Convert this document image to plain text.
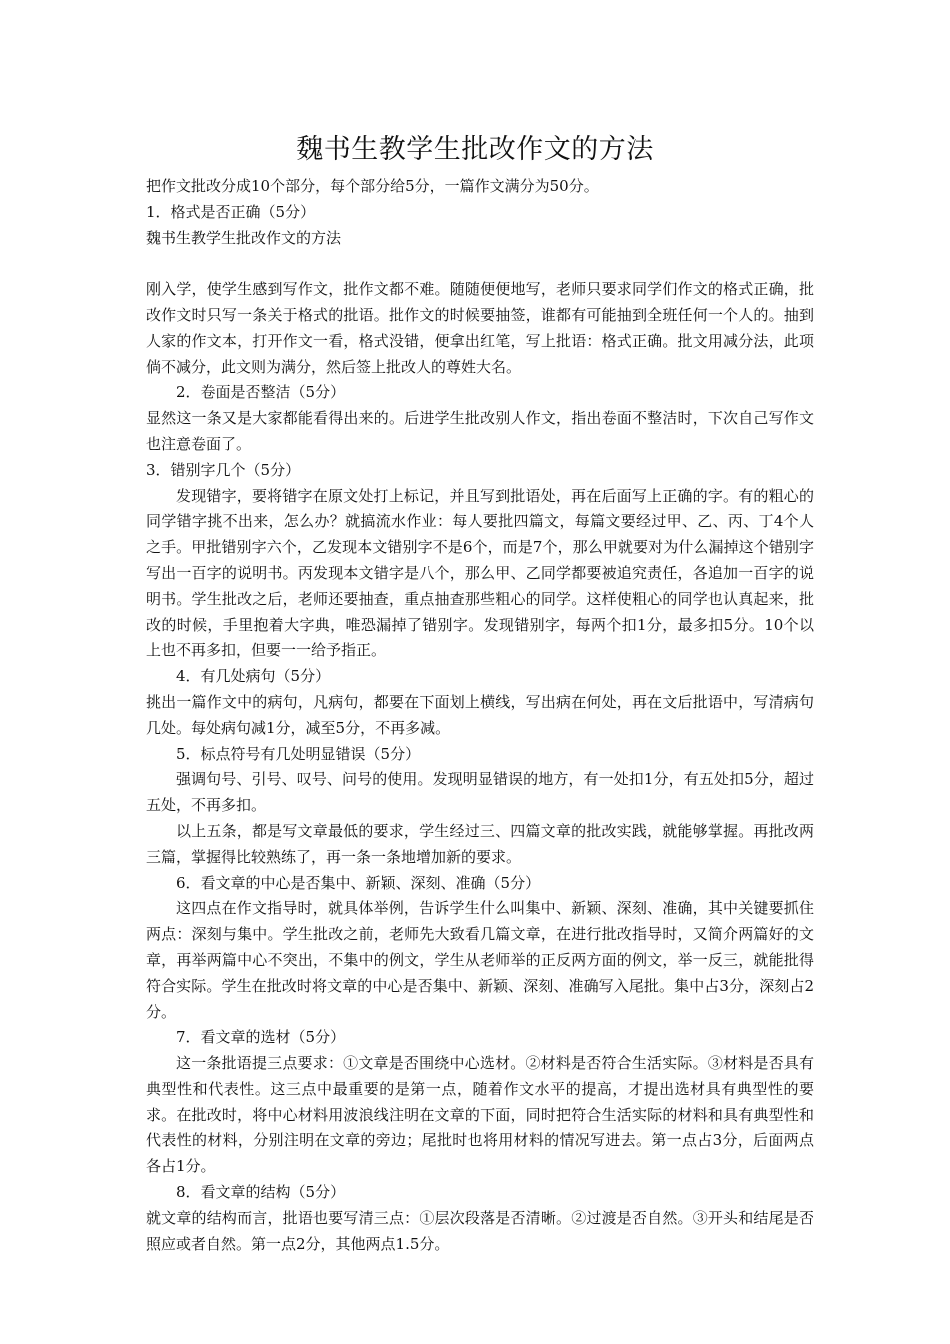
魏书生教学生批改作文的方法

把作文批改分成10个部分，每个部分给5分，一篇作文满分为50分。

1．格式是否正确（5分）

魏书生教学生批改作文的方法

刚入学，使学生感到写作文，批作文都不难。随随便便地写，老师只要求同学们作文的格式正确，批改作文时只写一条关于格式的批语。批作文的时候要抽签，谁都有可能抽到全班任何一个人的。抽到人家的作文本，打开作文一看，格式没错，便拿出红笔，写上批语：格式正确。批文用减分法，此项倘不减分，此文则为满分，然后签上批改人的尊姓大名。

2．卷面是否整洁（5分）

显然这一条又是大家都能看得出来的。后进学生批改别人作文，指出卷面不整洁时，下次自己写作文也注意卷面了。

3．错别字几个（5分）

发现错字，要将错字在原文处打上标记，并且写到批语处，再在后面写上正确的字。有的粗心的同学错字挑不出来，怎么办？就搞流水作业：每人要批四篇文，每篇文要经过甲、乙、丙、丁4个人之手。甲批错别字六个，乙发现本文错别字不是6个，而是7个，那么甲就要对为什么漏掉这个错别字写出一百字的说明书。丙发现本文错字是八个，那么甲、乙同学都要被追究责任，各追加一百字的说明书。学生批改之后，老师还要抽查，重点抽查那些粗心的同学。这样使粗心的同学也认真起来，批改的时候，手里抱着大字典，唯恐漏掉了错别字。发现错别字，每两个扣1分，最多扣5分。10个以上也不再多扣，但要一一给予指正。

4．有几处病句（5分）

挑出一篇作文中的病句，凡病句，都要在下面划上横线，写出病在何处，再在文后批语中，写清病句几处。每处病句减1分，减至5分，不再多减。

5．标点符号有几处明显错误（5分）

强调句号、引号、叹号、问号的使用。发现明显错误的地方，有一处扣1分，有五处扣5分，超过五处，不再多扣。

以上五条，都是写文章最低的要求，学生经过三、四篇文章的批改实践，就能够掌握。再批改两三篇，掌握得比较熟练了，再一条一条地增加新的要求。

6．看文章的中心是否集中、新颖、深刻、准确（5分）

这四点在作文指导时，就具体举例，告诉学生什么叫集中、新颖、深刻、准确，其中关键要抓住两点：深刻与集中。学生批改之前，老师先大致看几篇文章，在进行批改指导时，又简介两篇好的文章，再举两篇中心不突出，不集中的例文，学生从老师举的正反两方面的例文，举一反三，就能批得符合实际。学生在批改时将文章的中心是否集中、新颖、深刻、准确写入尾批。集中占3分，深刻占2分。

7．看文章的选材（5分）

这一条批语提三点要求：①文章是否围绕中心选材。②材料是否符合生活实际。③材料是否具有典型性和代表性。这三点中最重要的是第一点，随着作文水平的提高，才提出选材具有典型性的要求。在批改时，将中心材料用波浪线注明在文章的下面，同时把符合生活实际的材料和具有典型性和代表性的材料，分别注明在文章的旁边；尾批时也将用材料的情况写进去。第一点占3分，后面两点各占1分。

8．看文章的结构（5分）

就文章的结构而言，批语也要写清三点：①层次段落是否清晰。②过渡是否自然。③开头和结尾是否照应或者自然。第一点2分，其他两点1.5分。
